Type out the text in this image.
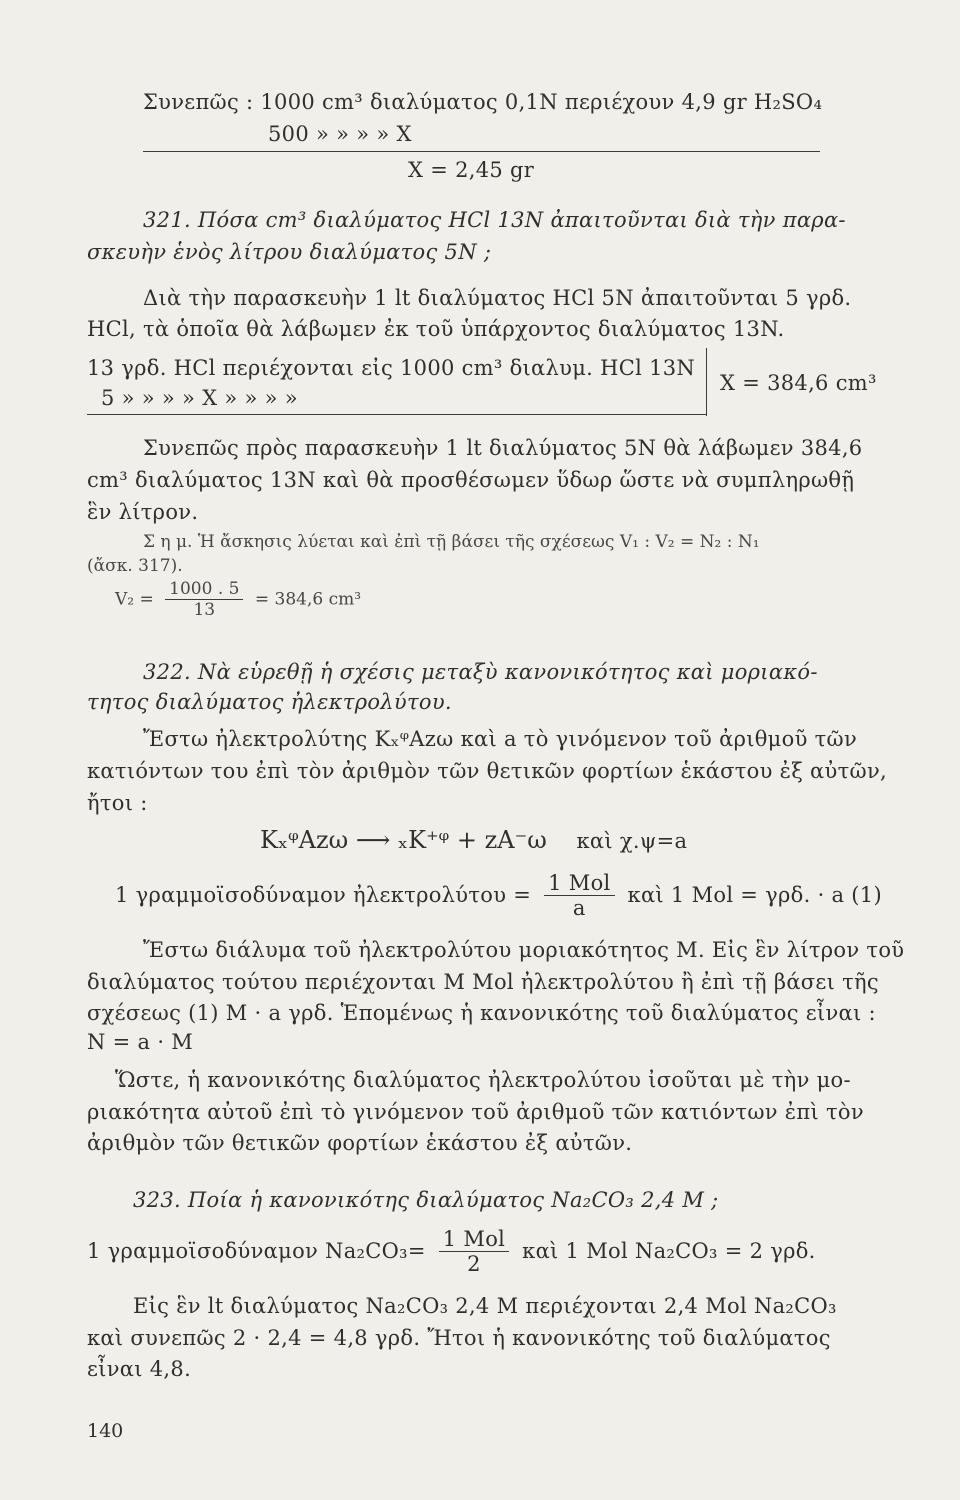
Συνεπῶς : 1000 cm³ διαλύματος 0,1N περιέχουν 4,9 gr H₂SO₄
500 » » » » X
X = 2,45 gr
321. Πόσα cm³ διαλύματος HCl 13N ἀπαιτοῦνται διὰ τὴν παρα-
σκευὴν ἑνὸς λίτρου διαλύματος 5N ;
Διὰ τὴν παρασκευὴν 1 lt διαλύματος HCl 5N ἀπαιτοῦνται 5 γρδ.
HCl, τὰ ὁποῖα θὰ λάβωμεν ἐκ τοῦ ὑπάρχοντος διαλύματος 13N.
13 γρδ. HCl περιέχονται εἰς 1000 cm³ διαλυμ. HCl 13N
5 » » » » X » » » »
X = 384,6 cm³
Συνεπῶς πρὸς παρασκευὴν 1 lt διαλύματος 5N θὰ λάβωμεν 384,6
cm³ διαλύματος 13N καὶ θὰ προσθέσωμεν ὕδωρ ὥστε νὰ συμπληρωθῇ
ἓν λίτρον.
Σ η μ. Ἡ ἄσκησις λύεται καὶ ἐπὶ τῇ βάσει τῆς σχέσεως V₁ : V₂ = N₂ : N₁
(ἄσκ. 317).
$V_2 = \frac{1000 . 5}{13} = 384,6$ cm³
322. Νὰ εὑρεθῇ ἡ σχέσις μεταξὺ κανονικότητος καὶ μοριακό-
τητος διαλύματος ἠλεκτρολύτου.
Ἔστω ἠλεκτρολύτης KₓᵠAzω καὶ a τὸ γινόμενον τοῦ ἀριθμοῦ τῶν
κατιόντων του ἐπὶ τὸν ἀριθμὸν τῶν θετικῶν φορτίων ἑκάστου ἐξ αὐτῶν,
ἤτοι :
KₓᵠAzω ⟶ ₓK⁺ᵠ + zA⁻ω καὶ χ.ψ=a
1 γραμμοϊσοδύναμον ἠλεκτρολύτου = $\frac{\text{1 Mol}}{a}$ καὶ 1 Mol = γρδ. · a (1)
Ἔστω διάλυμα τοῦ ἠλεκτρολύτου μοριακότητος M. Εἰς ἓν λίτρον τοῦ
διαλύματος τούτου περιέχονται M Mol ἠλεκτρολύτου ἢ ἐπὶ τῇ βάσει τῆς
σχέσεως (1) M · a γρδ. Ἑπομένως ἡ κανονικότης τοῦ διαλύματος εἶναι :
N = a · M
Ὥστε, ἡ κανονικότης διαλύματος ἠλεκτρολύτου ἰσοῦται μὲ τὴν μο-
ριακότητα αὐτοῦ ἐπὶ τὸ γινόμενον τοῦ ἀριθμοῦ τῶν κατιόντων ἐπὶ τὸν
ἀριθμὸν τῶν θετικῶν φορτίων ἑκάστου ἐξ αὐτῶν.
323. Ποία ἡ κανονικότης διαλύματος Na₂CO₃ 2,4 M ;
1 γραμμοϊσοδύναμον $Na_2CO_3= \frac{\text{1 Mol}}{2}$ καὶ 1 Mol Na₂CO₃ = 2 γρδ.
Εἰς ἓν lt διαλύματος Na₂CO₃ 2,4 M περιέχονται 2,4 Mol Na₂CO₃
καὶ συνεπῶς 2 · 2,4 = 4,8 γρδ. Ἤτοι ἡ κανονικότης τοῦ διαλύματος
εἶναι 4,8.
140
